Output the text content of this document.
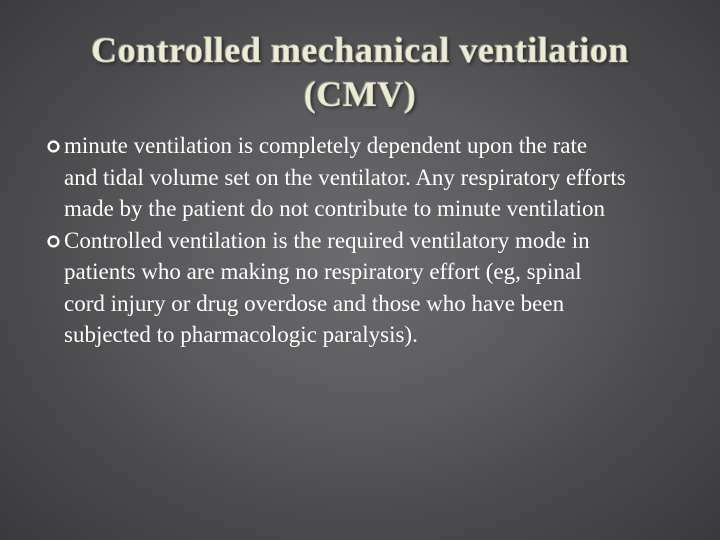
Controlled mechanical ventilation
(CMV)

minute ventilation is completely dependent upon the rate and tidal volume set on the ventilator. Any respiratory efforts made by the patient do not contribute to minute ventilation

Controlled ventilation is the required ventilatory mode in patients who are making no respiratory effort (eg, spinal cord injury or drug overdose and those who have been subjected to pharmacologic paralysis).
